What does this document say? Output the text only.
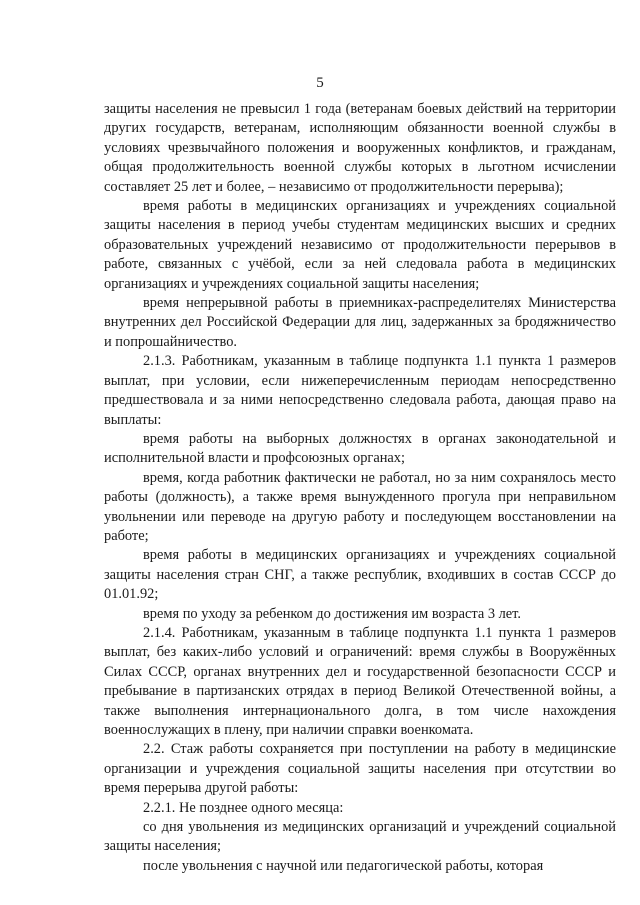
5

защиты населения не превысил 1 года (ветеранам боевых действий на территории других государств, ветеранам, исполняющим обязанности военной службы в условиях чрезвычайного положения и вооруженных конфликтов, и гражданам, общая продолжительность военной службы которых в льготном исчислении составляет 25 лет и более, – независимо от продолжительности перерыва);

время работы в медицинских организациях и учреждениях социальной защиты населения в период учебы студентам медицинских высших и средних образовательных учреждений независимо от продолжительности перерывов в работе, связанных с учёбой, если за ней следовала работа в медицинских организациях и учреждениях социальной защиты населения;

время непрерывной работы в приемниках-распределителях Министерства внутренних дел Российской Федерации для лиц, задержанных за бродяжничество и попрошайничество.

2.1.3. Работникам, указанным в таблице подпункта 1.1 пункта 1 размеров выплат, при условии, если нижеперечисленным периодам непосредственно предшествовала и за ними непосредственно следовала работа, дающая право на выплаты:

время работы на выборных должностях в органах законодательной и исполнительной власти и профсоюзных органах;

время, когда работник фактически не работал, но за ним сохранялось место работы (должность), а также время вынужденного прогула при неправильном увольнении или переводе на другую работу и последующем восстановлении на работе;

время работы в медицинских организациях и учреждениях социальной защиты населения стран СНГ, а также республик, входивших в состав СССР до 01.01.92;

время по уходу за ребенком до достижения им возраста 3 лет.

2.1.4. Работникам, указанным в таблице подпункта 1.1 пункта 1 размеров выплат, без каких-либо условий и ограничений: время службы в Вооружённых Силах СССР, органах внутренних дел и государственной безопасности СССР и пребывание в партизанских отрядах в период Великой Отечественной войны, а также выполнения интернационального долга, в том числе нахождения военнослужащих в плену, при наличии справки военкомата.

2.2. Стаж работы сохраняется при поступлении на работу в медицинские организации и учреждения социальной защиты населения при отсутствии во время перерыва другой работы:

2.2.1. Не позднее одного месяца:

со дня увольнения из медицинских организаций и учреждений социальной защиты населения;

после увольнения с научной или педагогической работы, которая
